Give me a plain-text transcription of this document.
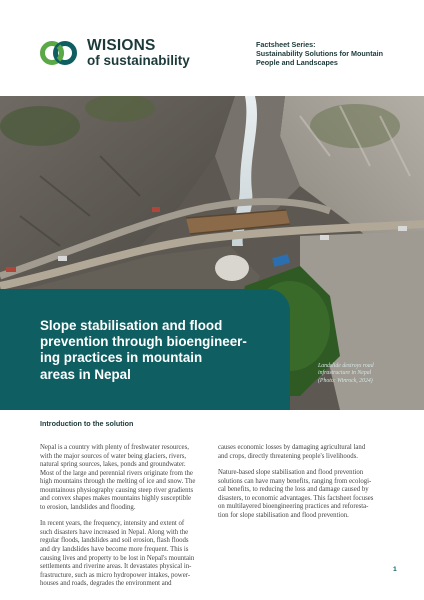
WISIONS
of sustainability
Factsheet Series:
Sustainability Solutions for Mountain
People and Landscapes
Slope stabilisation and flood
prevention through bioengineer-
ing practices in mountain
areas in Nepal
Landslide destroys road
infrastructure in Nepal
(Photo: Winrock, 2024)
Introduction to the solution

Nepal is a country with plenty of freshwater resources,
with the major sources of water being glaciers, rivers,
natural spring sources, lakes, ponds and groundwater.
Most of the large and perennial rivers originate from the
high mountains through the melting of ice and snow. The
mountainous physiography causing steep river gradients
and convex shapes makes mountains highly susceptible
to erosion, landslides and flooding.

In recent years, the frequency, intensity and extent of
such disasters have increased in Nepal. Along with the
regular floods, landslides and soil erosion, flash floods
and dry landslides have become more frequent. This is
causing lives and property to be lost in Nepal's mountain
settlements and riverine areas. It devastates physical in-
frastructure, such as micro hydropower intakes, power-
houses and roads, degrades the environment and

causes economic losses by damaging agricultural land
and crops, directly threatening people's livelihoods.

Nature-based slope stabilisation and flood prevention
solutions can have many benefits, ranging from ecologi-
cal benefits, to reducing the loss and damage caused by
disasters, to economic advantages. This factsheet focuses
on multilayered bioengineering practices and reforesta-
tion for slope stabilisation and flood prevention.

1
